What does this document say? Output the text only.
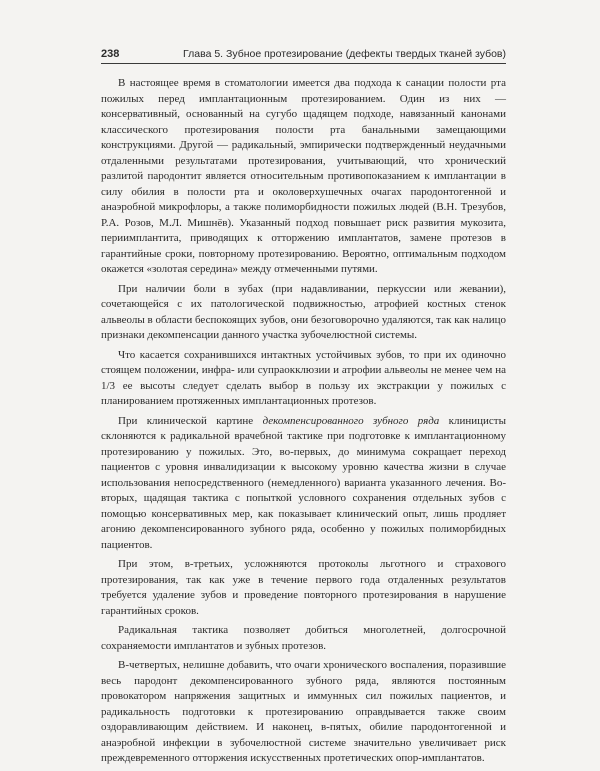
238	Глава 5. Зубное протезирование (дефекты твердых тканей зубов)

В настоящее время в стоматологии имеется два подхода к санации полости рта пожилых перед имплантационным протезированием. Один из них — консервативный, основанный на сугубо щадящем подходе, навязанный канонами классического протезирования полости рта банальными замещающими конструкциями. Другой — радикальный, эмпирически подтвержденный неудачными отдаленными результатами протезирования, учитывающий, что хронический разлитой пародонтит является относительным противопоказанием к имплантации в силу обилия в полости рта и околоверхушечных очагах пародонтогенной и анаэробной микрофлоры, а также полиморбидности пожилых людей (В.Н. Трезубов, Р.А. Розов, М.Л. Мишнёв). Указанный подход повышает риск развития мукозита, периимплантита, приводящих к отторжению имплантатов, замене протезов в гарантийные сроки, повторному протезированию. Вероятно, оптимальным подходом окажется «золотая середина» между отмеченными путями.

При наличии боли в зубах (при надавливании, перкуссии или жевании), сочетающейся с их патологической подвижностью, атрофией костных стенок альвеолы в области беспокоящих зубов, они безоговорочно удаляются, так как налицо признаки декомпенсации данного участка зубочелюстной системы.

Что касается сохранившихся интактных устойчивых зубов, то при их одиночно стоящем положении, инфра- или супраокклюзии и атрофии альвеолы не менее чем на 1/3 ее высоты следует сделать выбор в пользу их экстракции у пожилых с планированием протяженных имплантационных протезов.

При клинической картине декомпенсированного зубного ряда клиницисты склоняются к радикальной врачебной тактике при подготовке к имплантационному протезированию у пожилых. Это, во-первых, до минимума сокращает переход пациентов с уровня инвалидизации к высокому уровню качества жизни в случае использования непосредственного (немедленного) варианта указанного лечения. Во-вторых, щадящая тактика с попыткой условного сохранения отдельных зубов с помощью консервативных мер, как показывает клинический опыт, лишь продляет агонию декомпенсированного зубного ряда, особенно у пожилых полиморбидных пациентов.

При этом, в-третьих, усложняются протоколы льготного и страхового протезирования, так как уже в течение первого года отдаленных результатов требуется удаление зубов и проведение повторного протезирования в нарушение гарантийных сроков.

Радикальная тактика позволяет добиться многолетней, долгосрочной сохраняемости имплантатов и зубных протезов.

В-четвертых, нелишне добавить, что очаги хронического воспаления, поразившие весь пародонт декомпенсированного зубного ряда, являются постоянным провокатором напряжения защитных и иммунных сил пожилых пациентов, и радикальность подготовки к протезированию оправдывается также своим оздоравливающим действием. И наконец, в-пятых, обилие пародонтогенной и анаэробной инфекции в зубочелюстной системе значительно увеличивает риск преждевременного отторжения искусственных протетических опор-имплантатов.
